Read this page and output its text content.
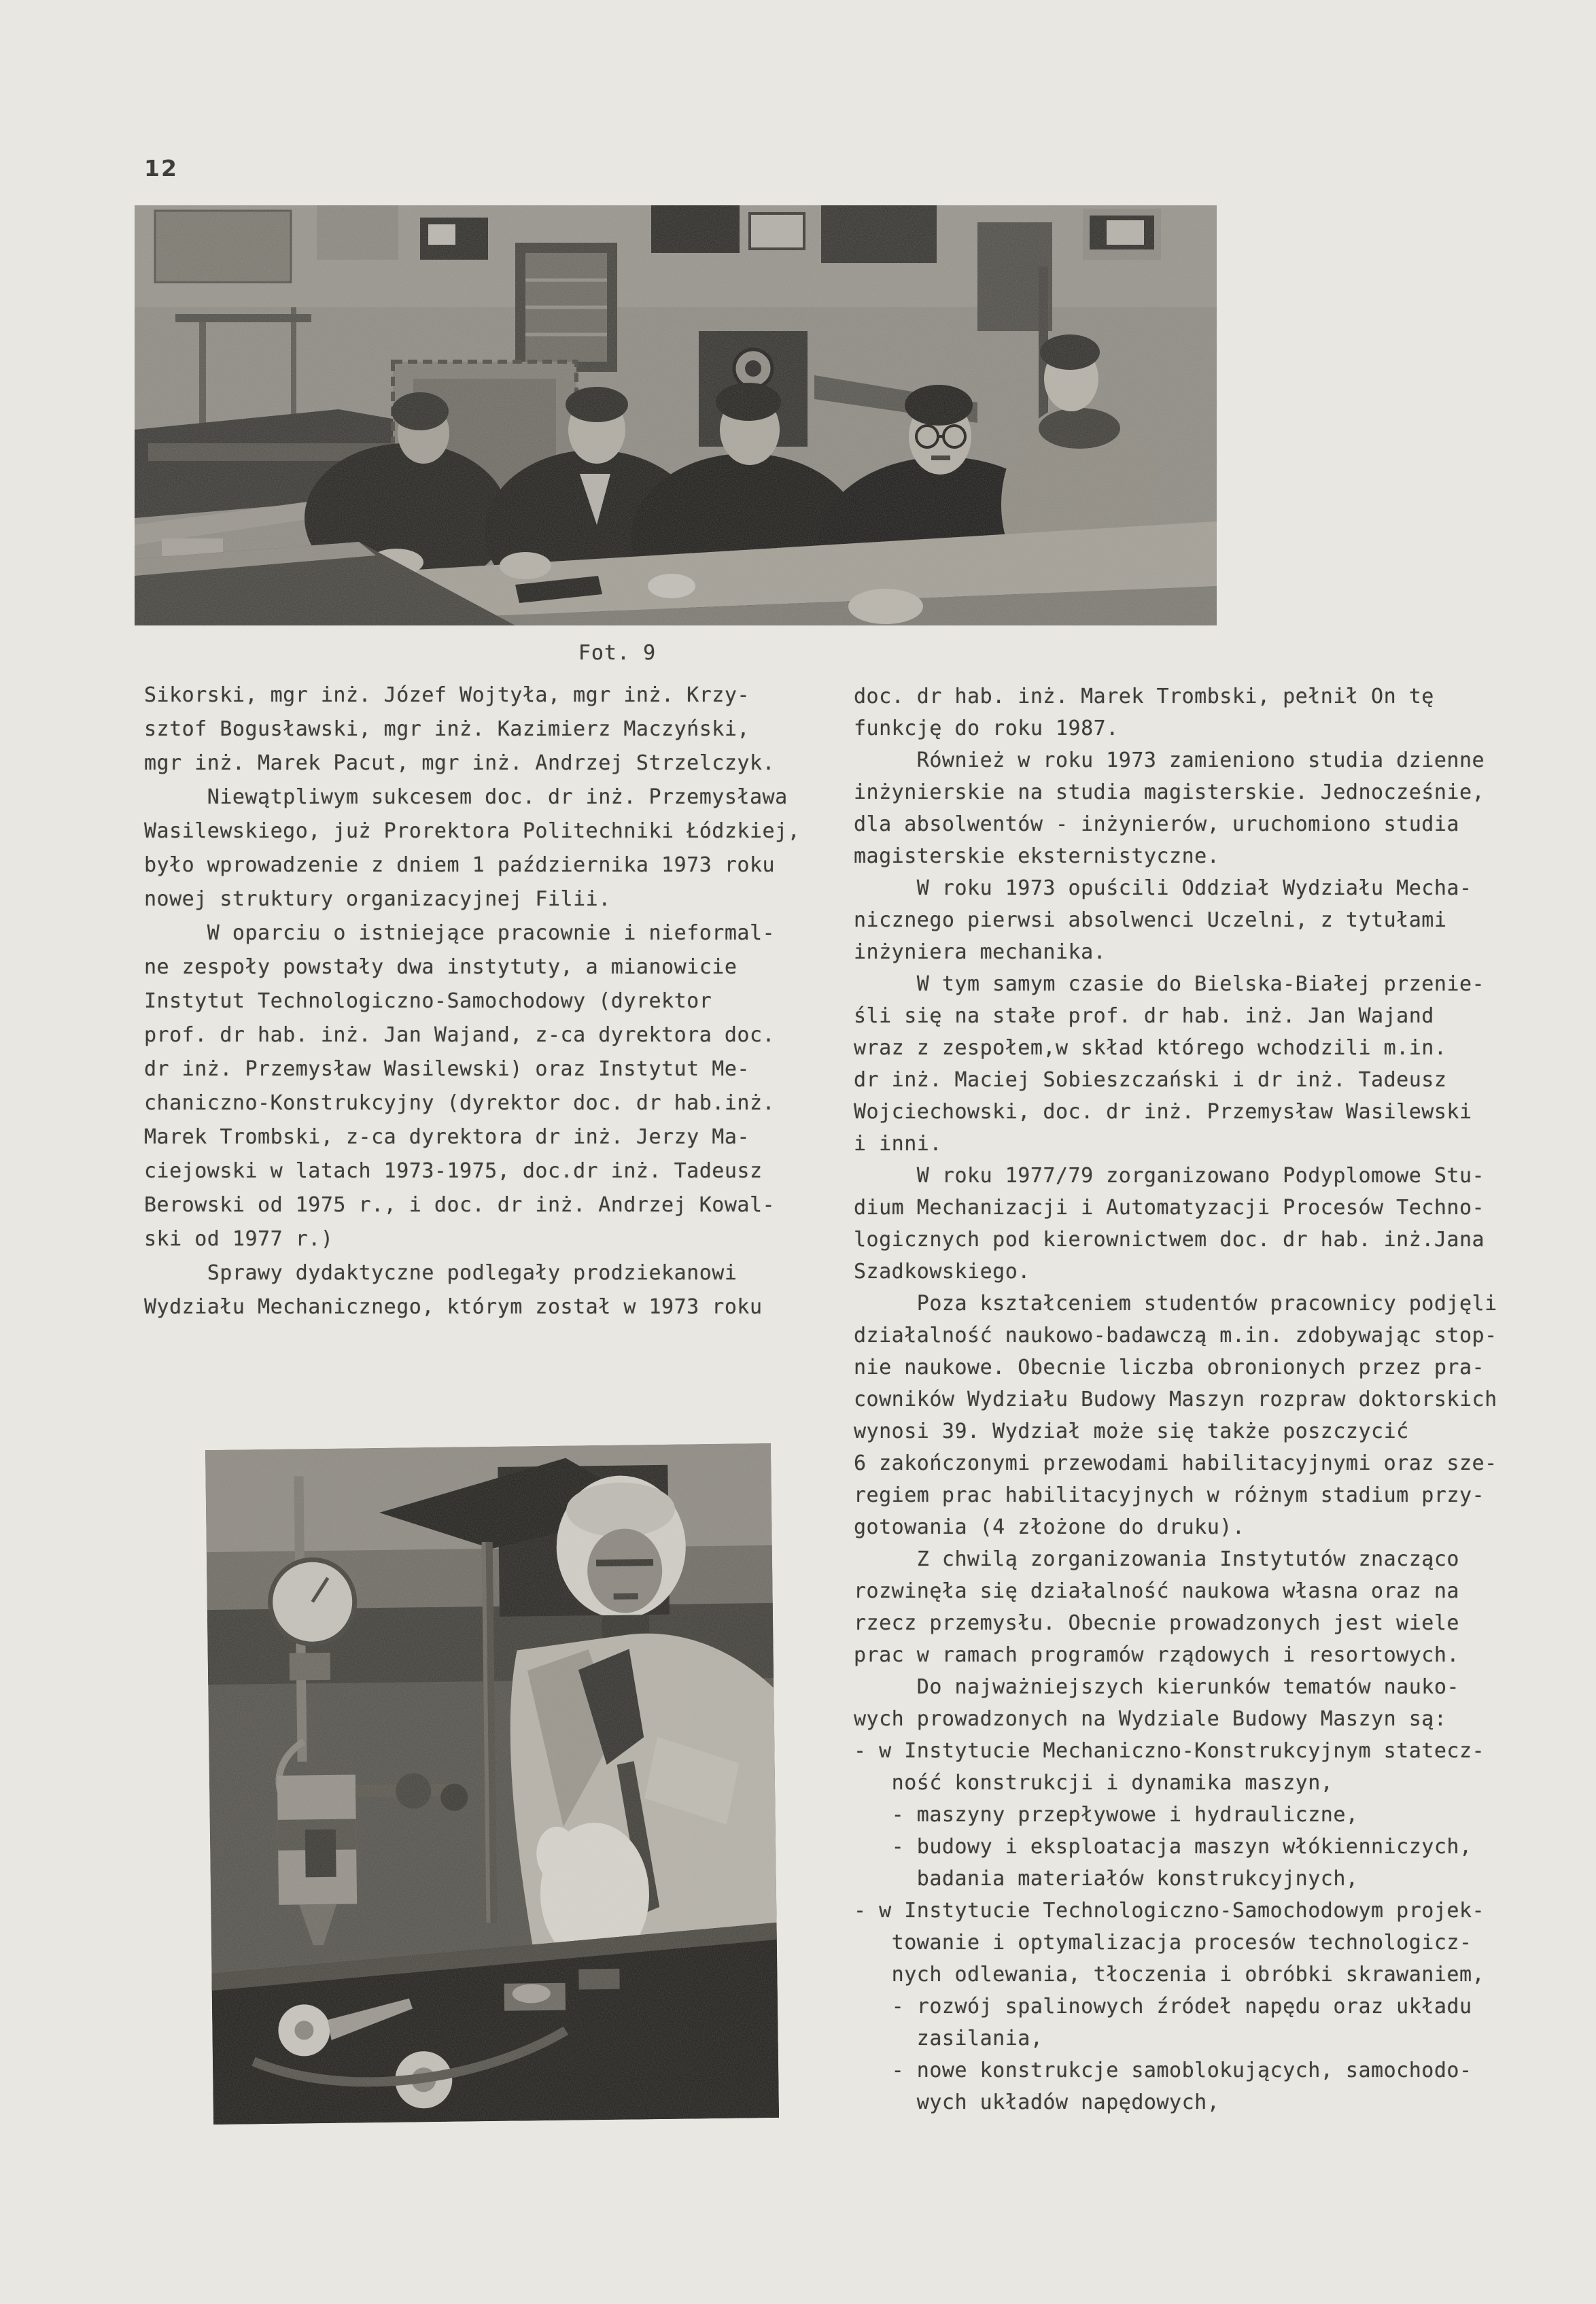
12
Fot. 9
Sikorski, mgr inż. Józef Wojtyła, mgr inż. Krzy-
sztof Bogusławski, mgr inż. Kazimierz Maczyński,
mgr inż. Marek Pacut, mgr inż. Andrzej Strzelczyk.
Niewątpliwym sukcesem doc. dr inż. Przemysława
Wasilewskiego, już Prorektora Politechniki Łódzkiej,
było wprowadzenie z dniem 1 października 1973 roku
nowej struktury organizacyjnej Filii.
W oparciu o istniejące pracownie i nieformal-
ne zespoły powstały dwa instytuty, a mianowicie
Instytut Technologiczno-Samochodowy (dyrektor
prof. dr hab. inż. Jan Wajand, z-ca dyrektora doc.
dr inż. Przemysław Wasilewski) oraz Instytut Me-
chaniczno-Konstrukcyjny (dyrektor doc. dr hab.inż.
Marek Trombski, z-ca dyrektora dr inż. Jerzy Ma-
ciejowski w latach 1973-1975, doc.dr inż. Tadeusz
Berowski od 1975 r., i doc. dr inż. Andrzej Kowal-
ski od 1977 r.)
Sprawy dydaktyczne podlegały prodziekanowi
Wydziału Mechanicznego, którym został w 1973 roku
doc. dr hab. inż. Marek Trombski, pełnił On tę
funkcję do roku 1987.
Również w roku 1973 zamieniono studia dzienne
inżynierskie na studia magisterskie. Jednocześnie,
dla absolwentów - inżynierów, uruchomiono studia
magisterskie eksternistyczne.
W roku 1973 opuścili Oddział Wydziału Mecha-
nicznego pierwsi absolwenci Uczelni, z tytułami
inżyniera mechanika.
W tym samym czasie do Bielska-Białej przenie-
śli się na stałe prof. dr hab. inż. Jan Wajand
wraz z zespołem,w skład którego wchodzili m.in.
dr inż. Maciej Sobieszczański i dr inż. Tadeusz
Wojciechowski, doc. dr inż. Przemysław Wasilewski
i inni.
W roku 1977/79 zorganizowano Podyplomowe Stu-
dium Mechanizacji i Automatyzacji Procesów Techno-
logicznych pod kierownictwem doc. dr hab. inż.Jana
Szadkowskiego.
Poza kształceniem studentów pracownicy podjęli
działalność naukowo-badawczą m.in. zdobywając stop-
nie naukowe. Obecnie liczba obronionych przez pra-
cowników Wydziału Budowy Maszyn rozpraw doktorskich
wynosi 39. Wydział może się także poszczycić
6 zakończonymi przewodami habilitacyjnymi oraz sze-
regiem prac habilitacyjnych w różnym stadium przy-
gotowania (4 złożone do druku).
Z chwilą zorganizowania Instytutów znacząco
rozwinęła się działalność naukowa własna oraz na
rzecz przemysłu. Obecnie prowadzonych jest wiele
prac w ramach programów rządowych i resortowych.
Do najważniejszych kierunków tematów nauko-
wych prowadzonych na Wydziale Budowy Maszyn są:
- w Instytucie Mechaniczno-Konstrukcyjnym statecz-
ność konstrukcji i dynamika maszyn,
- maszyny przepływowe i hydrauliczne,
- budowy i eksploatacja maszyn włókienniczych,
badania materiałów konstrukcyjnych,
- w Instytucie Technologiczno-Samochodowym projek-
towanie i optymalizacja procesów technologicz-
nych odlewania, tłoczenia i obróbki skrawaniem,
- rozwój spalinowych źródeł napędu oraz układu
zasilania,
- nowe konstrukcje samoblokujących, samochodo-
wych układów napędowych,
